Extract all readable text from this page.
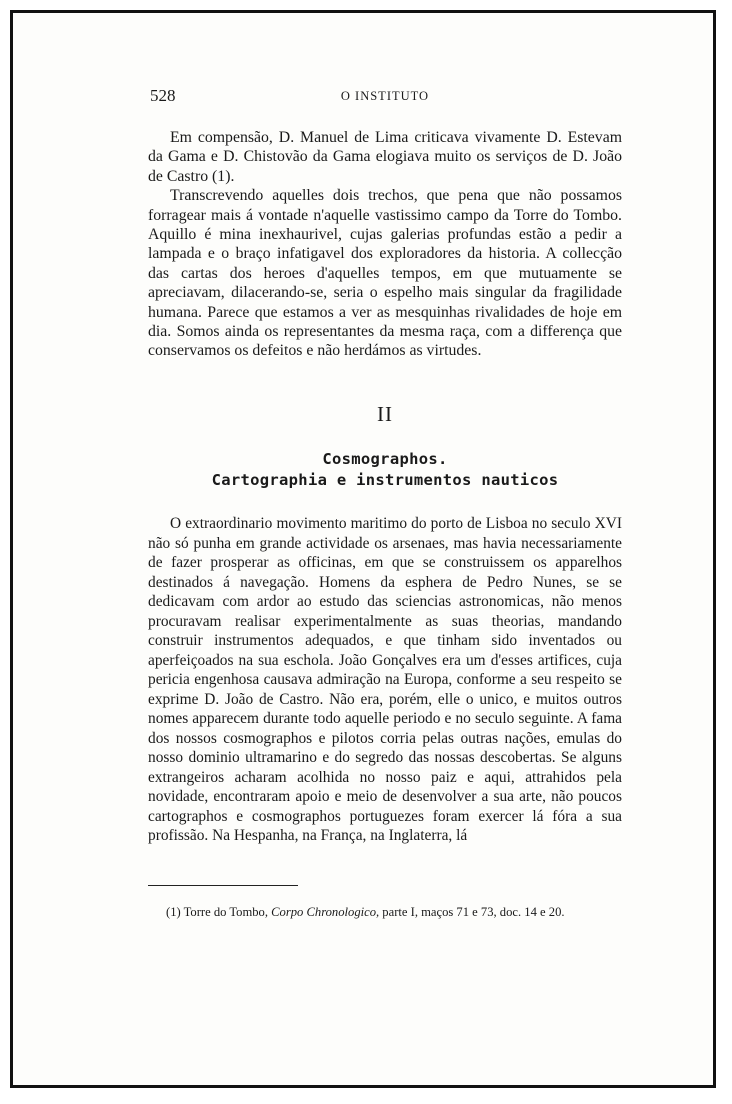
528	O INSTITUTO

Em compensão, D. Manuel de Lima criticava vivamente D. Estevam da Gama e D. Chistovão da Gama elogiava muito os serviços de D. João de Castro (1).

Transcrevendo aquelles dois trechos, que pena que não possamos forragear mais á vontade n'aquelle vastissimo campo da Torre do Tombo. Aquillo é mina inexhaurivel, cujas galerias profundas estão a pedir a lampada e o braço infatigavel dos exploradores da historia. A collecção das cartas dos heroes d'aquelles tempos, em que mutuamente se apreciavam, dilacerando-se, seria o espelho mais singular da fragilidade humana. Parece que estamos a ver as mesquinhas rivalidades de hoje em dia. Somos ainda os representantes da mesma raça, com a differença que conservamos os defeitos e não herdámos as virtudes.

II
Cosmographos.
Cartographia e instrumentos nauticos

O extraordinario movimento maritimo do porto de Lisboa no seculo XVI não só punha em grande actividade os arsenaes, mas havia necessariamente de fazer prosperar as officinas, em que se construissem os apparelhos destinados á navegação. Homens da esphera de Pedro Nunes, se se dedicavam com ardor ao estudo das sciencias astronomicas, não menos procuravam realisar experimentalmente as suas theorias, mandando construir instrumentos adequados, e que tinham sido inventados ou aperfeiçoados na sua eschola. João Gonçalves era um d'esses artifices, cuja pericia engenhosa causava admiração na Europa, conforme a seu respeito se exprime D. João de Castro. Não era, porém, elle o unico, e muitos outros nomes apparecem durante todo aquelle periodo e no seculo seguinte. A fama dos nossos cosmographos e pilotos corria pelas outras nações, emulas do nosso dominio ultramarino e do segredo das nossas descobertas. Se alguns extrangeiros acharam acolhida no nosso paiz e aqui, attrahidos pela novidade, encontraram apoio e meio de desenvolver a sua arte, não poucos cartographos e cosmographos portuguezes foram exercer lá fóra a sua profissão. Na Hespanha, na França, na Inglaterra, lá

(1) Torre do Tombo, Corpo Chronologico, parte I, maços 71 e 73, doc. 14 e 20.
